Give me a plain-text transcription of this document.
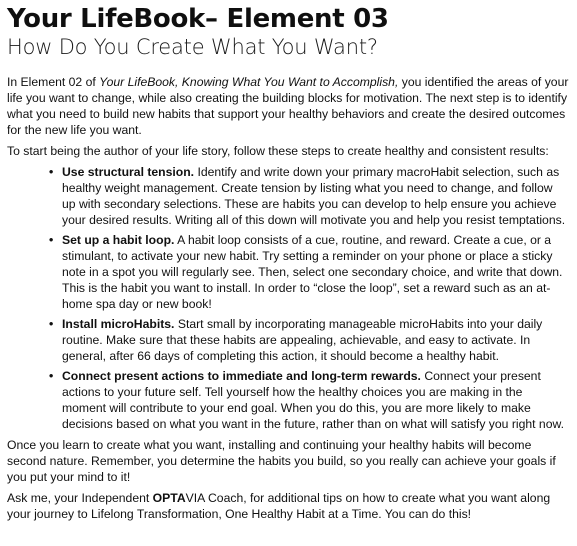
Your LifeBook– Element 03
How Do You Create What You Want?

In Element 02 of Your LifeBook, Knowing What You Want to Accomplish, you identified the areas of your life you want to change, while also creating the building blocks for motivation. The next step is to identify what you need to build new habits that support your healthy behaviors and create the desired outcomes for the new life you want.

To start being the author of your life story, follow these steps to create healthy and consistent results:

• Use structural tension. Identify and write down your primary macroHabit selection, such as healthy weight management. Create tension by listing what you need to change, and follow up with secondary selections. These are habits you can develop to help ensure you achieve your desired results. Writing all of this down will motivate you and help you resist temptations.
• Set up a habit loop. A habit loop consists of a cue, routine, and reward. Create a cue, or a stimulant, to activate your new habit. Try setting a reminder on your phone or place a sticky note in a spot you will regularly see. Then, select one secondary choice, and write that down. This is the habit you want to install. In order to “close the loop”, set a reward such as an at-home spa day or new book!
• Install microHabits. Start small by incorporating manageable microHabits into your daily routine. Make sure that these habits are appealing, achievable, and easy to activate. In general, after 66 days of completing this action, it should become a healthy habit.
• Connect present actions to immediate and long-term rewards. Connect your present actions to your future self. Tell yourself how the healthy choices you are making in the moment will contribute to your end goal. When you do this, you are more likely to make decisions based on what you want in the future, rather than on what will satisfy you right now.

Once you learn to create what you want, installing and continuing your healthy habits will become second nature. Remember, you determine the habits you build, so you really can achieve your goals if you put your mind to it!

Ask me, your Independent OPTAVIA Coach, for additional tips on how to create what you want along your journey to Lifelong Transformation, One Healthy Habit at a Time. You can do this!
